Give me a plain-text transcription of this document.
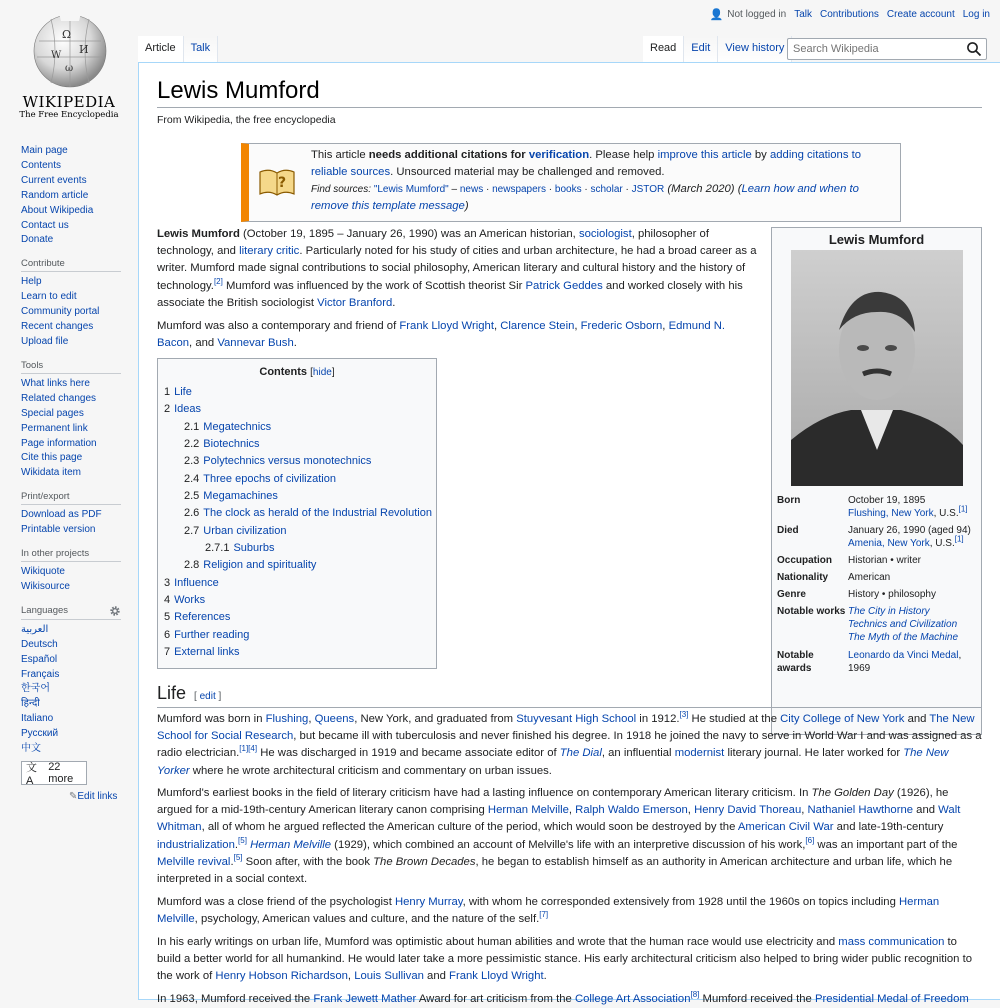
Ω
И
W
ω
WIKIPEDIA
The Free Encyclopedia
Main page
Contents
Current events
Random article
About Wikipedia
Contact us
Donate
Contribute
Help
Learn to edit
Community portal
Recent changes
Upload file
Tools
What links here
Related changes
Special pages
Permanent link
Page information
Cite this page
Wikidata item
Print/export
Download as PDF
Printable version
In other projects
Wikiquote
Wikisource
Languages
العربية
Deutsch
Español
Français
한국어
हिन्दी
Italiano
Русский
中文
文A
22 more
✎Edit links
👤 Not logged in Talk Contributions Create account Log in
Article	Talk	Read	Edit	View history
Search Wikipedia
Lewis Mumford
From Wikipedia, the free encyclopedia
?
This article needs additional citations for verification. Please help improve this article by adding citations to reliable sources. Unsourced material may be challenged and removed.
Find sources: "Lewis Mumford" – news · newspapers · books · scholar · JSTOR (March 2020) (Learn how and when to remove this template message)
Lewis Mumford
Born	October 19, 1895
Flushing, New York, U.S.[1]
Died	January 26, 1990 (aged 94)
Amenia, New York, U.S.[1]
Occupation	Historian • writer
Nationality	American
Genre	History • philosophy
Notable works The City in History
Technics and Civilization
The Myth of the Machine
Notable awards
Leonardo da Vinci Medal, 1969

Lewis Mumford (October 19, 1895 – January 26, 1990) was an American historian, sociologist, philosopher of technology, and literary critic. Particularly noted for his study of cities and urban architecture, he had a broad career as a writer. Mumford made signal contributions to social philosophy, American literary and cultural history and the history of technology.[2] Mumford was influenced by the work of Scottish theorist Sir Patrick Geddes and worked closely with his associate the British sociologist Victor Branford.

Mumford was also a contemporary and friend of Frank Lloyd Wright, Clarence Stein, Frederic Osborn, Edmund N. Bacon, and Vannevar Bush.

Contents [hide]
1 Life
2 Ideas
2.1 Megatechnics
2.2 Biotechnics
2.3 Polytechnics versus monotechnics
2.4 Three epochs of civilization
2.5 Megamachines
2.6 The clock as herald of the Industrial Revolution
2.7 Urban civilization
2.7.1 Suburbs
2.8 Religion and spirituality
3 Influence
4 Works
5 References
6 Further reading
7 External links
Life [ edit ]

Mumford was born in Flushing, Queens, New York, and graduated from Stuyvesant High School in 1912.[3] He studied at the City College of New York and The New School for Social Research, but became ill with tuberculosis and never finished his degree. In 1918 he joined the navy to serve in World War I and was assigned as a radio electrician.[1][4] He was discharged in 1919 and became associate editor of The Dial, an influential modernist literary journal. He later worked for The New Yorker where he wrote architectural criticism and commentary on urban issues.

Mumford's earliest books in the field of literary criticism have had a lasting influence on contemporary American literary criticism. In The Golden Day (1926), he argued for a mid-19th-century American literary canon comprising Herman Melville, Ralph Waldo Emerson, Henry David Thoreau, Nathaniel Hawthorne and Walt Whitman, all of whom he argued reflected the American culture of the period, which would soon be destroyed by the American Civil War and late-19th-century industrialization.[5] Herman Melville (1929), which combined an account of Melville's life with an interpretive discussion of his work,[6] was an important part of the Melville revival.[5] Soon after, with the book The Brown Decades, he began to establish himself as an authority in American architecture and urban life, which he interpreted in a social context.

Mumford was a close friend of the psychologist Henry Murray, with whom he corresponded extensively from 1928 until the 1960s on topics including Herman Melville, psychology, American values and culture, and the nature of the self.[7]

In his early writings on urban life, Mumford was optimistic about human abilities and wrote that the human race would use electricity and mass communication to build a better world for all humankind. He would later take a more pessimistic stance. His early architectural criticism also helped to bring wider public recognition to the work of Henry Hobson Richardson, Louis Sullivan and Frank Lloyd Wright.

In 1963, Mumford received the Frank Jewett Mather Award for art criticism from the College Art Association[8] Mumford received the Presidential Medal of Freedom
